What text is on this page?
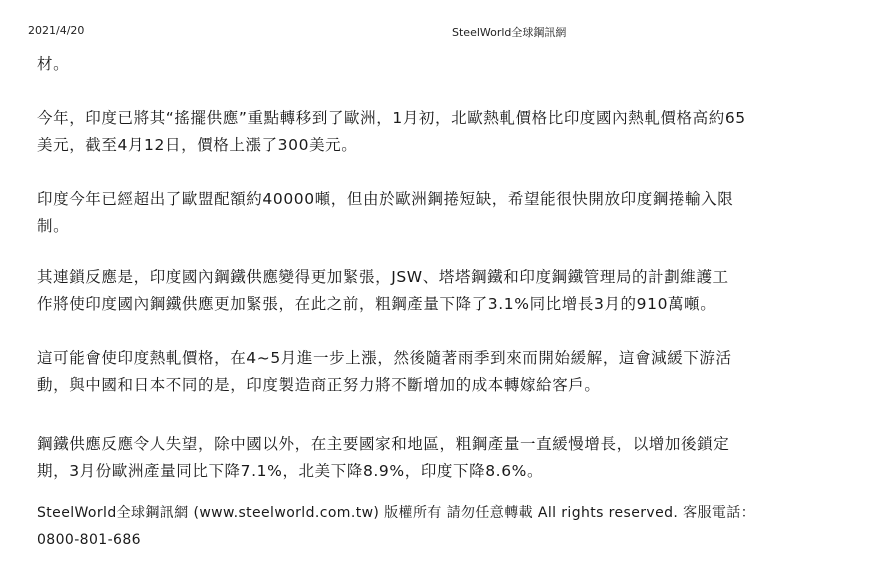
2021/4/20	SteelWorld全球鋼訊網

材。

今年，印度已將其“搖擺供應”重點轉移到了歐洲，1月初，北歐熱軋價格比印度國內熱軋價格高約65
美元，截至4月12日，價格上漲了300美元。

印度今年已經超出了歐盟配額約40000噸，但由於歐洲鋼捲短缺，希望能很快開放印度鋼捲輸入限
制。

其連鎖反應是，印度國內鋼鐵供應變得更加緊張，JSW、塔塔鋼鐵和印度鋼鐵管理局的計劃維護工
作將使印度國內鋼鐵供應更加緊張，在此之前，粗鋼產量下降了3.1%同比增長3月的910萬噸。

這可能會使印度熱軋價格，在4~5月進一步上漲，然後隨著雨季到來而開始緩解，這會減緩下游活
動，與中國和日本不同的是，印度製造商正努力將不斷增加的成本轉嫁給客戶。

鋼鐵供應反應令人失望，除中國以外，在主要國家和地區，粗鋼產量一直緩慢增長，以增加後鎖定
期，3月份歐洲產量同比下降7.1%，北美下降8.9%，印度下降8.6%。

SteelWorld全球鋼訊網 (www.steelworld.com.tw) 版權所有 請勿任意轉載 All rights reserved. 客服電話：
0800-801-686
